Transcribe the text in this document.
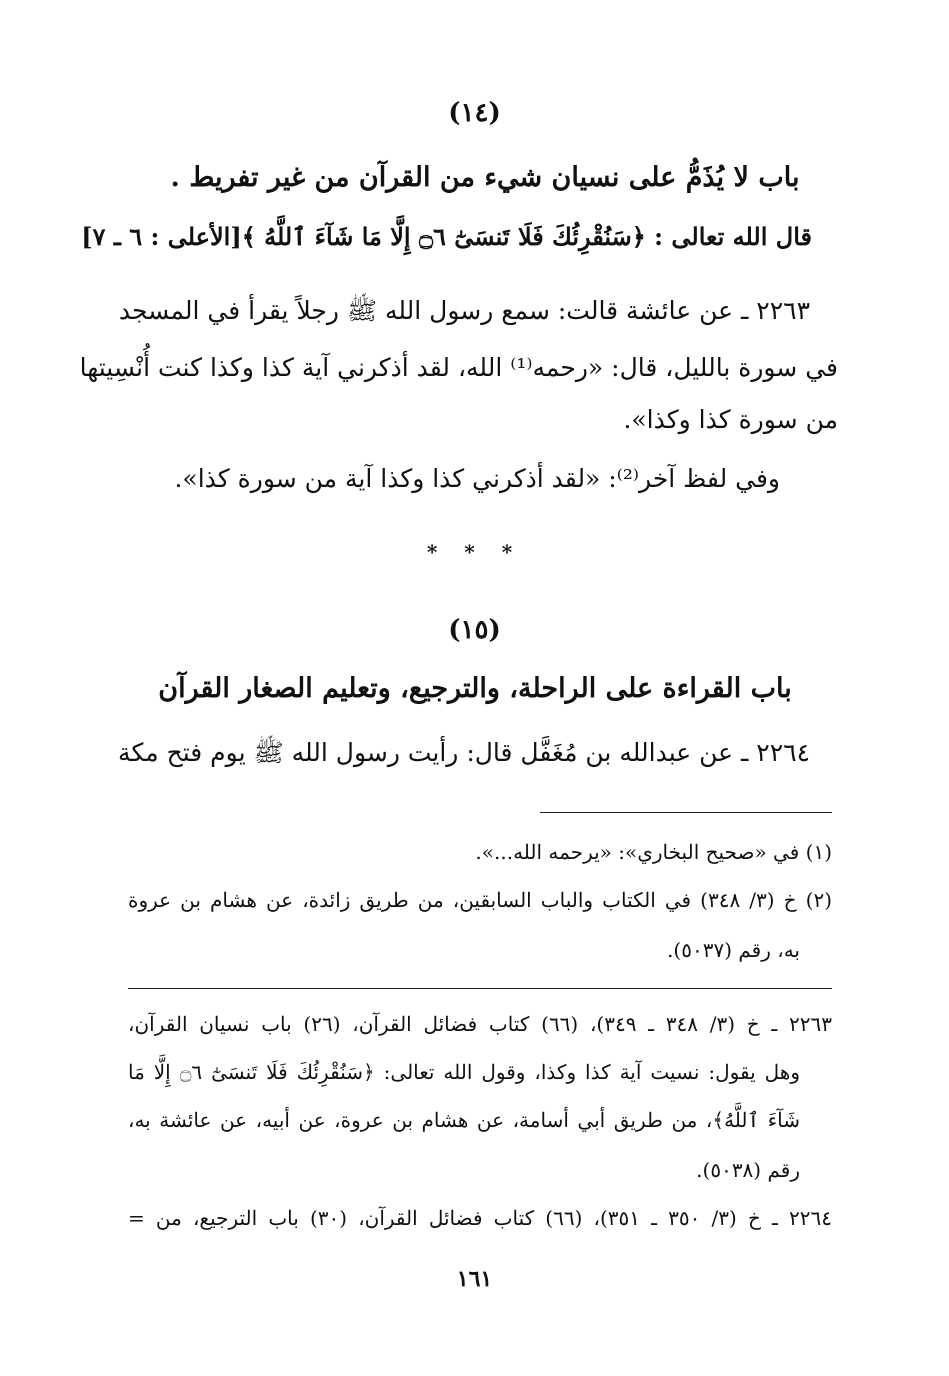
(١٤)
باب لا يُذَمُّ على نسيان شيء من القرآن من غير تفريط .
قال الله تعالى : ﴿سَنُقْرِئُكَ فَلَا تَنسَىٰٓ ۝٦ إِلَّا مَا شَآءَ ٱللَّهُ ﴾[الأعلى : ٦ ـ ٧]
٢٢٦٣ ـ عن عائشة قالت: سمع رسول الله ﷺ رجلاً يقرأ في المسجد
في سورة بالليل، قال: «رحمه⁽¹⁾ الله، لقد أذكرني آية كذا وكذا كنت أُنْسِيتها
من سورة كذا وكذا».
وفي لفظ آخر⁽²⁾: «لقد أذكرني كذا وكذا آية من سورة كذا».
* * *
(١٥)
باب القراءة على الراحلة، والترجيع، وتعليم الصغار القرآن
٢٢٦٤ ـ عن عبدالله بن مُغَفَّل قال: رأيت رسول الله ﷺ يوم فتح مكة
(١) في «صحيح البخاري»: «يرحمه الله...».
(٢) خ (٣/ ٣٤٨) في الكتاب والباب السابقين، من طريق زائدة، عن هشام بن عروة
به، رقم (٥٠٣٧).
٢٢٦٣ ـ خ (٣/ ٣٤٨ ـ ٣٤٩)، (٦٦) كتاب فضائل القرآن، (٢٦) باب نسيان القرآن،
وهل يقول: نسيت آية كذا وكذا، وقول الله تعالى: ﴿سَنُقْرِئُكَ فَلَا تَنسَىٰٓ ۝٦ إِلَّا مَا
شَآءَ ٱللَّهُ﴾، من طريق أبي أسامة، عن هشام بن عروة، عن أبيه، عن عائشة به،
رقم (٥٠٣٨).
٢٢٦٤ ـ خ (٣/ ٣٥٠ ـ ٣٥١)، (٦٦) كتاب فضائل القرآن، (٣٠) باب الترجيع، من =
١٦١
